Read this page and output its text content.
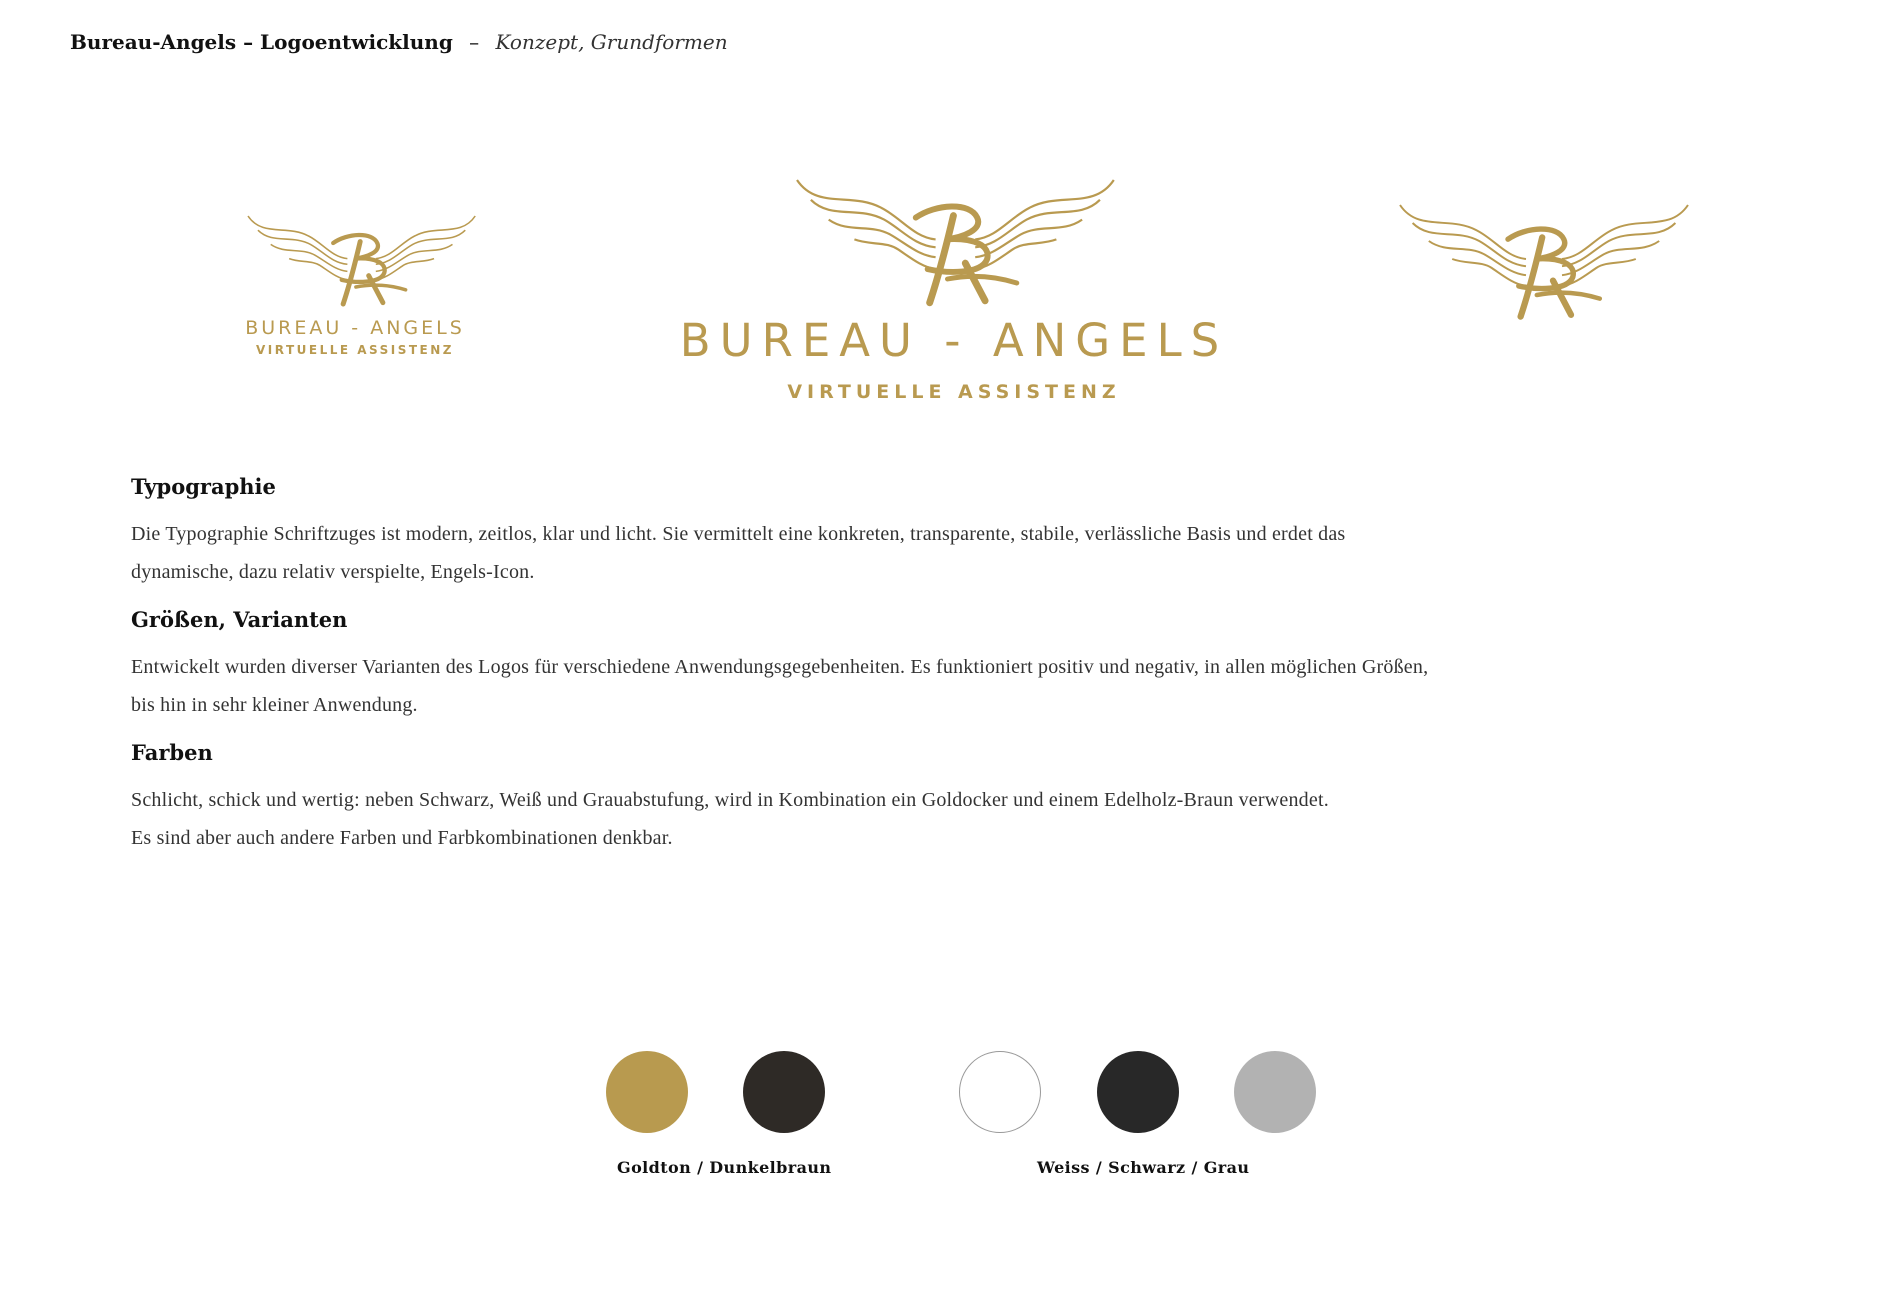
Bureau-Angels – Logoentwicklung – Konzept, Grundformen
BUREAU - ANGELS
VIRTUELLE ASSISTENZ	BUREAU - ANGELS
VIRTUELLE ASSISTENZ
Typographie

Die Typographie Schriftzuges ist modern, zeitlos, klar und licht. Sie vermittelt eine konkreten, transparente, stabile, verlässliche Basis und erdet das
dynamische, dazu relativ verspielte, Engels-Icon.

Größen, Varianten

Entwickelt wurden diverser Varianten des Logos für verschiedene Anwendungsgegebenheiten. Es funktioniert positiv und negativ, in allen möglichen Größen,
bis hin in sehr kleiner Anwendung.

Farben

Schlicht, schick und wertig: neben Schwarz, Weiß und Grauabstufung, wird in Kombination ein Goldocker und einem Edelholz-Braun verwendet.
Es sind aber auch andere Farben und Farbkombinationen denkbar.

Goldton / Dunkelbraun	Weiss / Schwarz / Grau
